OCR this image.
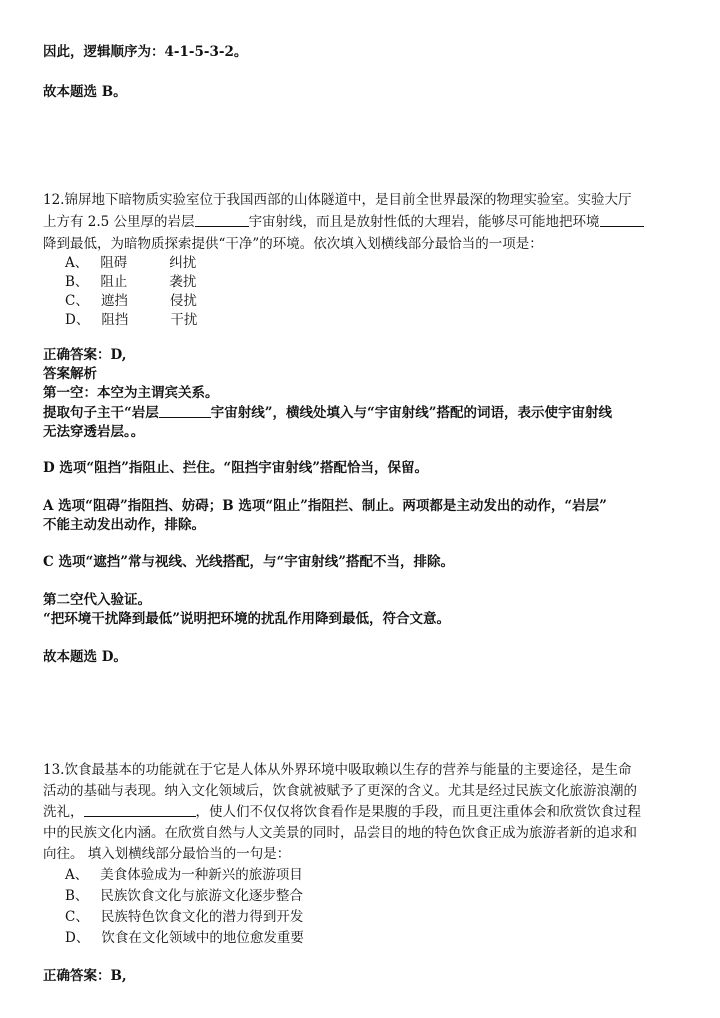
因此，逻辑顺序为：4-1-5-3-2。
故本题选 B。
12.锦屏地下暗物质实验室位于我国西部的山体隧道中，是目前全世界最深的物理实验室。实验大厅
上方有 2.5 公里厚的岩层	宇宙射线，而且是放射性低的大理岩，能够尽可能地把环境
降到最低，为暗物质探索提供“干净”的环境。依次填入划横线部分最恰当的一项是：
A、 阻碍	纠扰
B、 阻止	袭扰
C、 遮挡	侵扰
D、 阻挡	干扰
正确答案：D,
答案解析
第一空：本空为主谓宾关系。
提取句子主干“岩层	宇宙射线”，横线处填入与“宇宙射线”搭配的词语，表示使宇宙射线
无法穿透岩层。。
D 选项“阻挡”指阻止、拦住。“阻挡宇宙射线”搭配恰当，保留。
A 选项“阻碍”指阻挡、妨碍；B 选项“阻止”指阻拦、制止。两项都是主动发出的动作，“岩层”
不能主动发出动作，排除。
C 选项“遮挡”常与视线、光线搭配，与“宇宙射线”搭配不当，排除。
第二空代入验证。
“把环境干扰降到最低”说明把环境的扰乱作用降到最低，符合文意。
故本题选 D。
13.饮食最基本的功能就在于它是人体从外界环境中吸取赖以生存的营养与能量的主要途径，是生命
活动的基础与表现。纳入文化领域后，饮食就被赋予了更深的含义。尤其是经过民族文化旅游浪潮的
洗礼，	，使人们不仅仅将饮食看作是果腹的手段，而且更注重体会和欣赏饮食过程
中的民族文化内涵。在欣赏自然与人文美景的同时，品尝目的地的特色饮食正成为旅游者新的追求和
向往。 填入划横线部分最恰当的一句是：
A、 美食体验成为一种新兴的旅游项目
B、 民族饮食文化与旅游文化逐步整合
C、 民族特色饮食文化的潜力得到开发
D、 饮食在文化领域中的地位愈发重要
正确答案：B,
